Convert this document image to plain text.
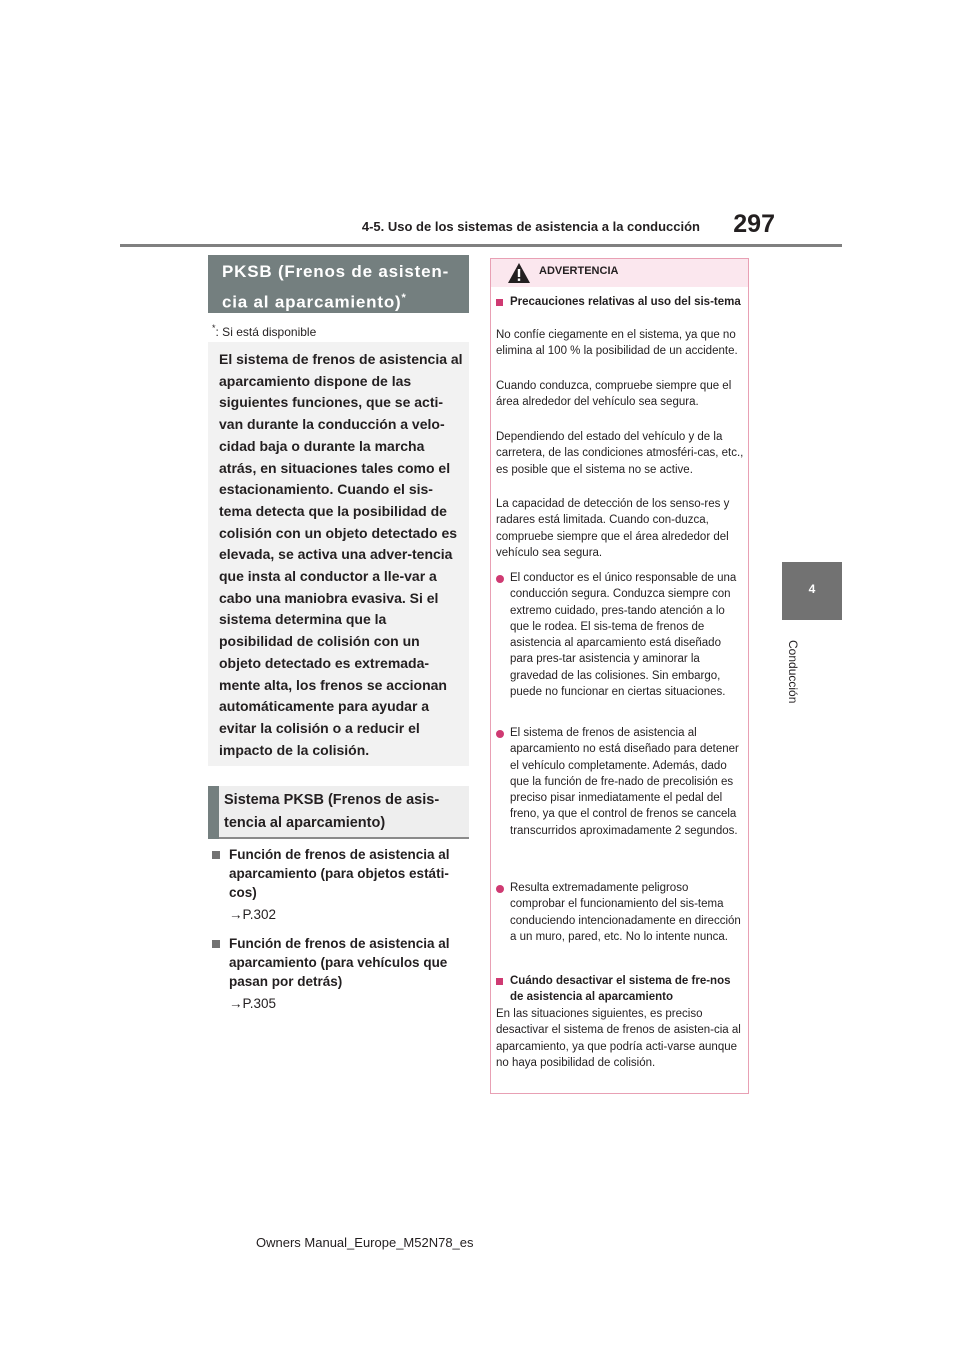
4-5. Uso de los sistemas de asistencia a la conducción	297
4
Conducción
PKSB (Frenos de asisten-cia al aparcamiento)*
*: Si está disponible
El sistema de frenos de asistencia al aparcamiento dispone de las siguientes funciones, que se acti-van durante la conducción a velo-cidad baja o durante la marcha atrás, en situaciones tales como el estacionamiento. Cuando el sis-tema detecta que la posibilidad de colisión con un objeto detectado es elevada, se activa una adver-tencia que insta al conductor a lle-var a cabo una maniobra evasiva. Si el sistema determina que la posibilidad de colisión con un objeto detectado es extremada-mente alta, los frenos se accionan automáticamente para ayudar a evitar la colisión o a reducir el impacto de la colisión.
Sistema PKSB (Frenos de asis-tencia al aparcamiento)
Función de frenos de asistencia al aparcamiento (para objetos estáti-cos)
→P.302
Función de frenos de asistencia al aparcamiento (para vehículos que pasan por detrás)
→P.305
ADVERTENCIA
Precauciones relativas al uso del sis-tema
No confíe ciegamente en el sistema, ya que no elimina al 100 % la posibilidad de un accidente.
Cuando conduzca, compruebe siempre que el área alrededor del vehículo sea segura.
Dependiendo del estado del vehículo y de la carretera, de las condiciones atmosféri-cas, etc., es posible que el sistema no se active.
La capacidad de detección de los senso-res y radares está limitada. Cuando con-duzca, compruebe siempre que el área alrededor del vehículo sea segura.
El conductor es el único responsable de una conducción segura. Conduzca siempre con extremo cuidado, pres-tando atención a lo que le rodea. El sis-tema de frenos de asistencia al aparcamiento está diseñado para pres-tar asistencia y aminorar la gravedad de las colisiones. Sin embargo, puede no funcionar en ciertas situaciones.
El sistema de frenos de asistencia al aparcamiento no está diseñado para detener el vehículo completamente. Además, dado que la función de fre-nado de precolisión es preciso pisar inmediatamente el pedal del freno, ya que el control de frenos se cancela transcurridos aproximadamente 2 segundos.
Resulta extremadamente peligroso comprobar el funcionamiento del sis-tema conduciendo intencionadamente en dirección a un muro, pared, etc. No lo intente nunca.
Cuándo desactivar el sistema de fre-nos de asistencia al aparcamiento
En las situaciones siguientes, es preciso desactivar el sistema de frenos de asisten-cia al aparcamiento, ya que podría acti-varse aunque no haya posibilidad de colisión.
Owners Manual_Europe_M52N78_es
